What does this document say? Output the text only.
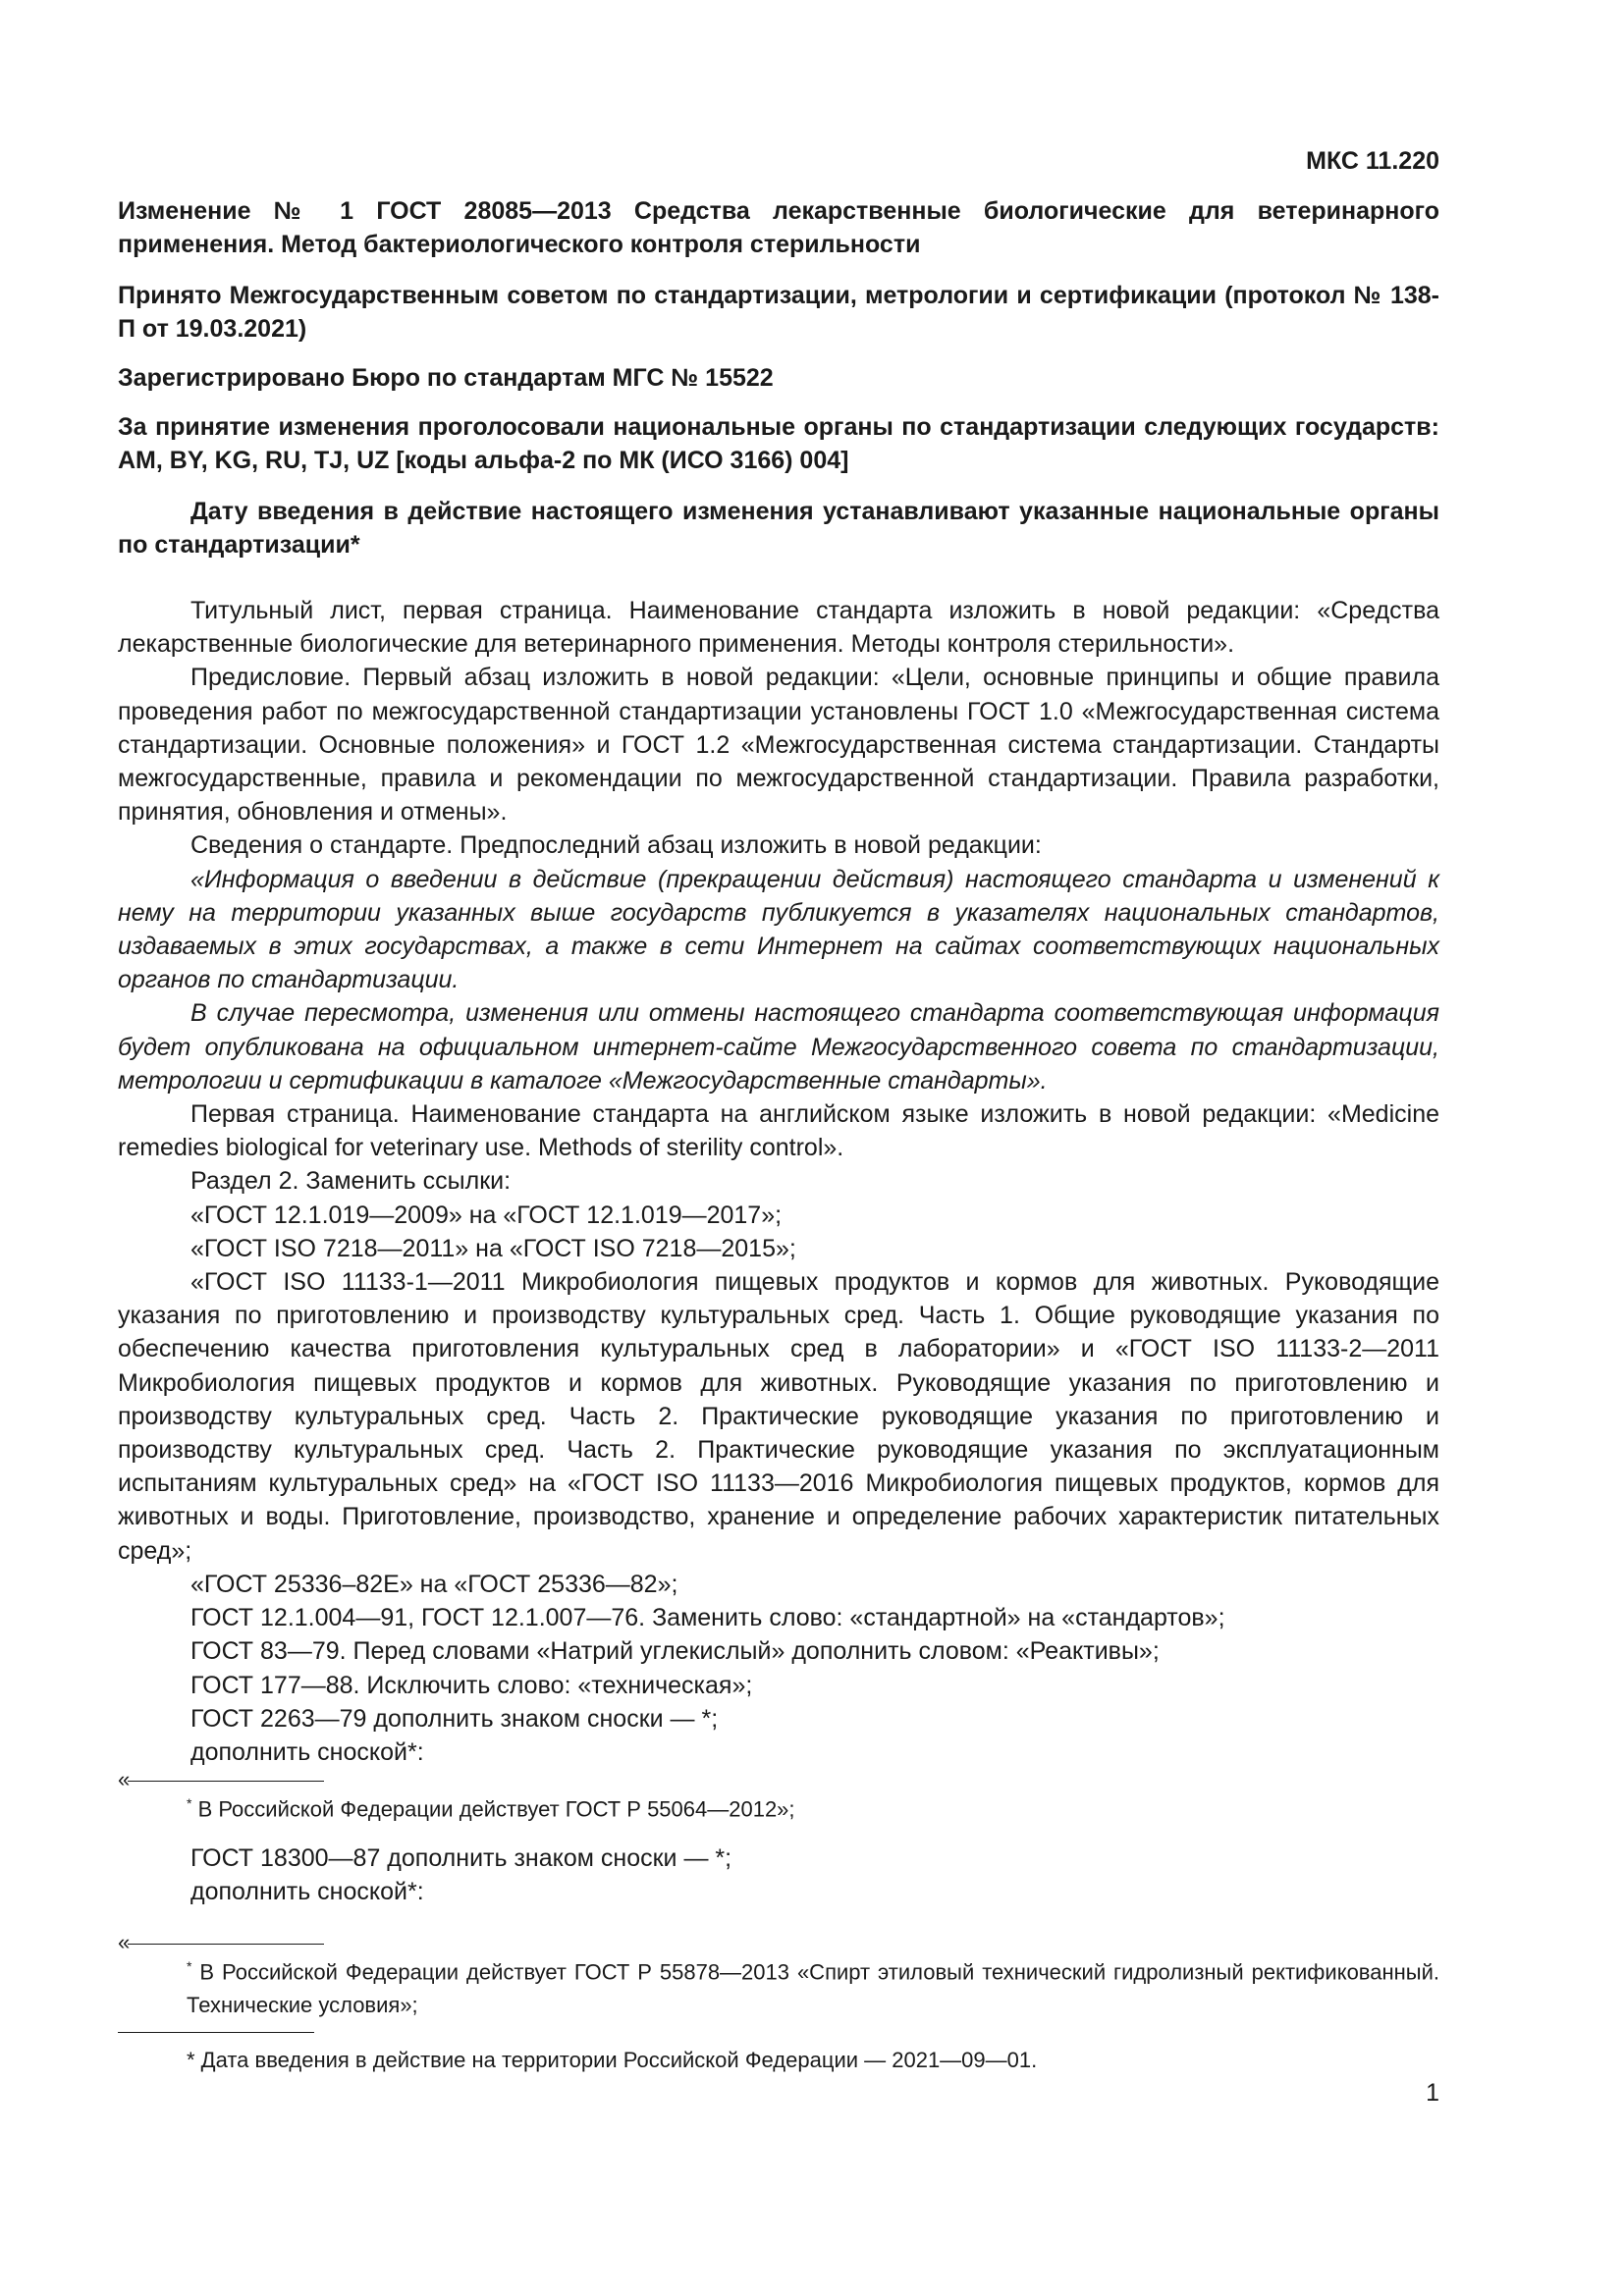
МКС 11.220

Изменение № 1 ГОСТ 28085—2013 Средства лекарственные биологические для ветеринарного применения. Метод бактериологического контроля стерильности

Принято Межгосударственным советом по стандартизации, метрологии и сертификации (протокол № 138-П от 19.03.2021)

Зарегистрировано Бюро по стандартам МГС № 15522

За принятие изменения проголосовали национальные органы по стандартизации следующих государств: AM, BY, KG, RU, TJ, UZ [коды альфа-2 по МК (ИСО 3166) 004]

Дату введения в действие настоящего изменения устанавливают указанные национальные органы по стандартизации*

Титульный лист, первая страница. Наименование стандарта изложить в новой редакции: «Средства лекарственные биологические для ветеринарного применения. Методы контроля стерильности».

Предисловие. Первый абзац изложить в новой редакции: «Цели, основные принципы и общие правила проведения работ по межгосударственной стандартизации установлены ГОСТ 1.0 «Межгосударственная система стандартизации. Основные положения» и ГОСТ 1.2 «Межгосударственная система стандартизации. Стандарты межгосударственные, правила и рекомендации по межгосударственной стандартизации. Правила разработки, принятия, обновления и отмены».

Сведения о стандарте. Предпоследний абзац изложить в новой редакции:

«Информация о введении в действие (прекращении действия) настоящего стандарта и изменений к нему на территории указанных выше государств публикуется в указателях национальных стандартов, издаваемых в этих государствах, а также в сети Интернет на сайтах соответствующих национальных органов по стандартизации.

В случае пересмотра, изменения или отмены настоящего стандарта соответствующая информация будет опубликована на официальном интернет-сайте Межгосударственного совета по стандартизации, метрологии и сертификации в каталоге «Межгосударственные стандарты».

Первая страница. Наименование стандарта на английском языке изложить в новой редакции: «Medicine remedies biological for veterinary use. Methods of sterility control».

Раздел 2. Заменить ссылки:

«ГОСТ 12.1.019—2009» на «ГОСТ 12.1.019—2017»;

«ГОСТ ISO 7218—2011» на «ГОСТ ISO 7218—2015»;

«ГОСТ ISO 11133-1—2011 Микробиология пищевых продуктов и кормов для животных. Руководящие указания по приготовлению и производству культуральных сред. Часть 1. Общие руководящие указания по обеспечению качества приготовления культуральных сред в лаборатории» и «ГОСТ ISO 11133-2—2011 Микробиология пищевых продуктов и кормов для животных. Руководящие указания по приготовлению и производству культуральных сред. Часть 2. Практические руководящие указания по приготовлению и производству культуральных сред. Часть 2. Практические руководящие указания по эксплуатационным испытаниям культуральных сред» на «ГОСТ ISO 11133—2016 Микробиология пищевых продуктов, кормов для животных и воды. Приготовление, производство, хранение и определение рабочих характеристик питательных сред»;

«ГОСТ 25336–82Е» на «ГОСТ 25336—82»;

ГОСТ 12.1.004—91, ГОСТ 12.1.007—76. Заменить слово: «стандартной» на «стандартов»;

ГОСТ 83—79. Перед словами «Натрий углекислый» дополнить словом: «Реактивы»;

ГОСТ 177—88. Исключить слово: «техническая»;

ГОСТ 2263—79 дополнить знаком сноски — *;

дополнить сноской*:

«
* В Российской Федерации действует ГОСТ Р 55064—2012»;

ГОСТ 18300—87 дополнить знаком сноски — *;

дополнить сноской*:

«
* В Российской Федерации действует ГОСТ Р 55878—2013 «Спирт этиловый технический гидролизный ректификованный. Технические условия»;
* Дата введения в действие на территории Российской Федерации — 2021—09—01.
1
